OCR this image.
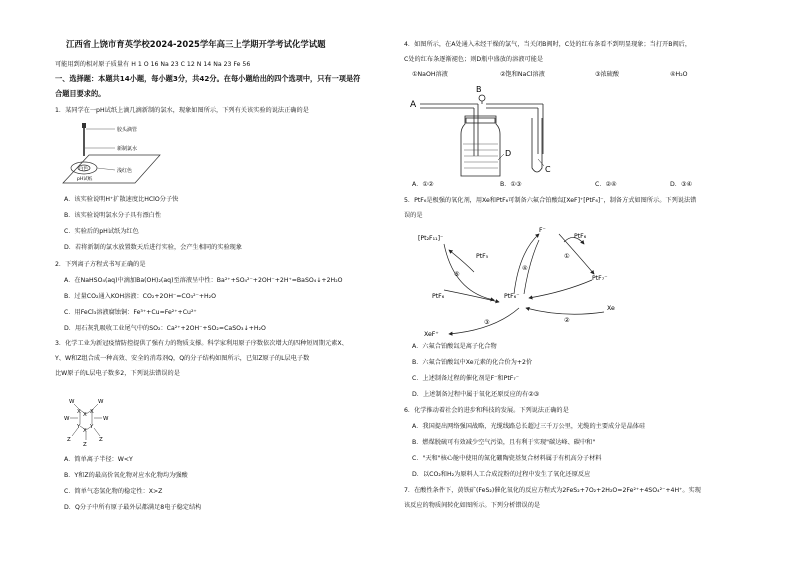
江西省上饶市育英学校2024-2025学年高三上学期开学考试化学试题
可能用到的相对原子质量有 H 1 O 16 Na 23 C 12 N 14 Na 23 Fe 56
一、选择题：本题共14小题，每小题3分，共42分。在每小题给出的四个选项中，只有一项是符
合题目要求的。
1．某同学在一pH试纸上滴几滴新制的氯水，现象如图所示，下列有关该实验的说法正确的是
胶头滴管
新制氯水
白色	浅红色
pH试纸
A．该实验说明H⁺扩散速度比HClO分子快
B．该实验说明氯水分子具有漂白性
C．实验后的pH试纸为红色
D．若将新制的氯水放置数天后进行实验，会产生相同的实验现象
2．下列离子方程式书写正确的是
A．在NaHSO₄(aq)中滴加Ba(OH)₂(aq)至溶液呈中性：Ba²⁺+SO₄²⁻+2OH⁻+2H⁺=BaSO₄↓+2H₂O
B．过量CO₂通入KOH溶液：CO₂+2OH⁻=CO₃²⁻+H₂O
C．用FeCl₃溶液腐蚀铜：Fe³⁺+Cu=Fe²⁺+Cu²⁺
D．用石灰乳吸收工业尾气中的SO₂：Ca²⁺+2OH⁻+SO₂=CaSO₃↓+H₂O
3．化学工业为新冠疫情防控提供了强有力的物质支撑。科学家利用原子序数依次增大的四种短周期元素X、
Y、W和Z组合成一种高效、安全的消毒剂Q，Q的分子结构如图所示，已知Z原子的L层电子数
比W原子的L层电子数多2，下列说法错误的是
W	W
X X
X
W	W
Y Y
X
Z	Z
Z
A．简单离子半径：W<Y
B．Y和Z的最高价氧化物对应水化物均为强酸
C．简单气态氢化物的稳定性：X>Z
D．Q分子中所有原子最外层都满足8电子稳定结构
4．如图所示，在A处通入未经干燥的氯气，当关闭B阀时，C处的红布条看不到明显现象；当打开B阀后，
C处的红布条逐渐褪色；则D瓶中盛放的溶液可能是
①NaOH溶液	②饱和NaCl溶液	③浓硫酸	④H₂O
A
B
C
D
A．①②	B．①③	C．②④	D．③④
5．PtF₆是极强的氧化剂，用Xe和PtF₆可制备六氟合铂酸氙[XeF]⁺[PtF₆]⁻，制备方式如图所示。下列说法错
误的是
[Pt₂F₁₁]⁻
F⁻
PtF₆
PtF₅
PtF₇⁻
PtF₆	PtF₆⁻
Xe
XeF⁺
①
②
③
④
⑤
A．六氟合铂酸氙是离子化合物
B．六氟合铂酸氙中Xe元素的化合价为+2价
C．上述制备过程的催化剂是F⁻和PtF₇⁻
D．上述制备过程中属于氧化还原反应的有②③
6．化学推动着社会的进步和科技的发展。下列说法正确的是
A．我国提出网络强国战略，光缆线路总长超过三千万公里，光缆的主要成分是晶体硅
B．燃煤脱硫可有效减少空气污染，且有利于实现"碳达峰、碳中和"
C．"天和"核心舱中使用的氮化硼陶瓷基复合材料属于有机高分子材料
D．以CO₂和H₂为原料人工合成淀粉的过程中发生了氧化还原反应
7．在酸性条件下，黄铁矿(FeS₂)催化氧化的反应方程式为2FeS₂+7O₂+2H₂O=2Fe²⁺+4SO₄²⁻+4H⁺。实现
该反应的物质间转化如图所示。下列分析错误的是
